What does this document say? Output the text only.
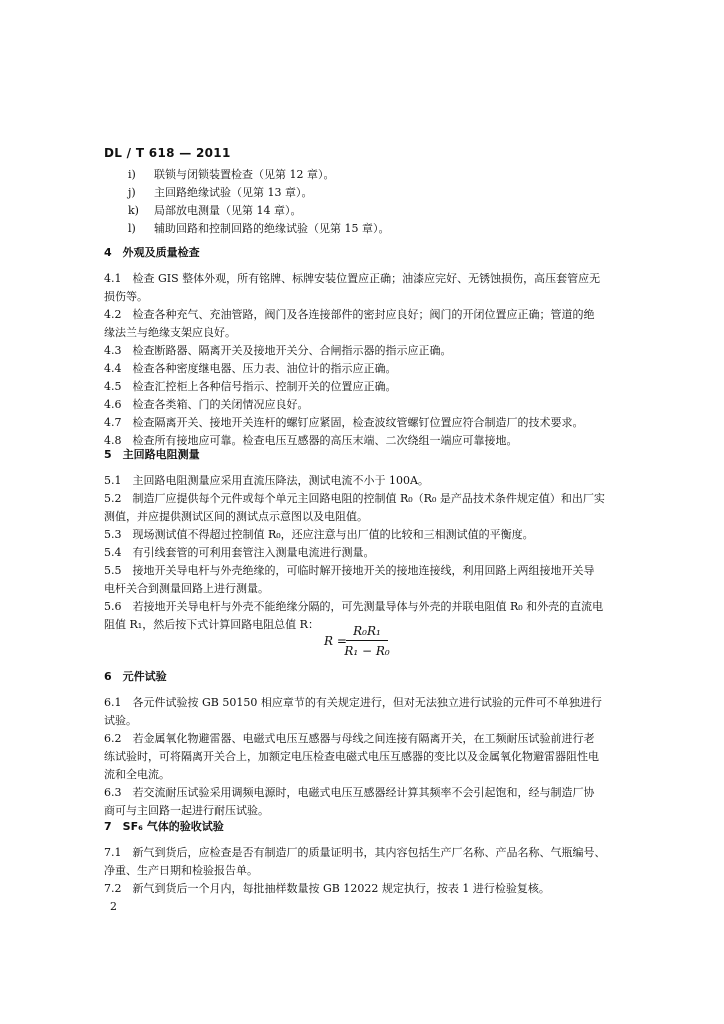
DL / T 618 — 2011
i) 联锁与闭锁装置检查（见第 12 章）。
j) 主回路绝缘试验（见第 13 章）。
k) 局部放电测量（见第 14 章）。
l) 辅助回路和控制回路的绝缘试验（见第 15 章）。
4　外观及质量检查
4.1　检查 GIS 整体外观，所有铭牌、标牌安装位置应正确；油漆应完好、无锈蚀损伤，高压套管应无
损伤等。
4.2　检查各种充气、充油管路，阀门及各连接部件的密封应良好；阀门的开闭位置应正确；管道的绝
缘法兰与绝缘支架应良好。
4.3　检查断路器、隔离开关及接地开关分、合闸指示器的指示应正确。
4.4　检查各种密度继电器、压力表、油位计的指示应正确。
4.5　检查汇控柜上各种信号指示、控制开关的位置应正确。
4.6　检查各类箱、门的关闭情况应良好。
4.7　检查隔离开关、接地开关连杆的螺钉应紧固，检查波纹管螺钉位置应符合制造厂的技术要求。
4.8　检查所有接地应可靠。检查电压互感器的高压末端、二次绕组一端应可靠接地。
5　主回路电阻测量
5.1　主回路电阻测量应采用直流压降法，测试电流不小于 100A。
5.2　制造厂应提供每个元件或每个单元主回路电阻的控制值 R₀（R₀ 是产品技术条件规定值）和出厂实
测值，并应提供测试区间的测试点示意图以及电阻值。
5.3　现场测试值不得超过控制值 R₀，还应注意与出厂值的比较和三相测试值的平衡度。
5.4　有引线套管的可利用套管注入测量电流进行测量。
5.5　接地开关导电杆与外壳绝缘的，可临时解开接地开关的接地连接线，利用回路上两组接地开关导
电杆关合到测量回路上进行测量。
5.6　若接地开关导电杆与外壳不能绝缘分隔的，可先测量导体与外壳的并联电阻值 R₀ 和外壳的直流电
阻值 R₁，然后按下式计算回路电阻总值 R：
R =
R₀R₁
R₁ − R₀
6　元件试验
6.1　各元件试验按 GB 50150 相应章节的有关规定进行，但对无法独立进行试验的元件可不单独进行
试验。
6.2　若金属氧化物避雷器、电磁式电压互感器与母线之间连接有隔离开关，在工频耐压试验前进行老
练试验时，可将隔离开关合上，加额定电压检查电磁式电压互感器的变比以及金属氧化物避雷器阻性电
流和全电流。
6.3　若交流耐压试验采用调频电源时，电磁式电压互感器经计算其频率不会引起饱和，经与制造厂协
商可与主回路一起进行耐压试验。
7　SF₆ 气体的验收试验
7.1　新气到货后，应检查是否有制造厂的质量证明书，其内容包括生产厂名称、产品名称、气瓶编号、
净重、生产日期和检验报告单。
7.2　新气到货后一个月内，每批抽样数量按 GB 12022 规定执行，按表 1 进行检验复核。
2
